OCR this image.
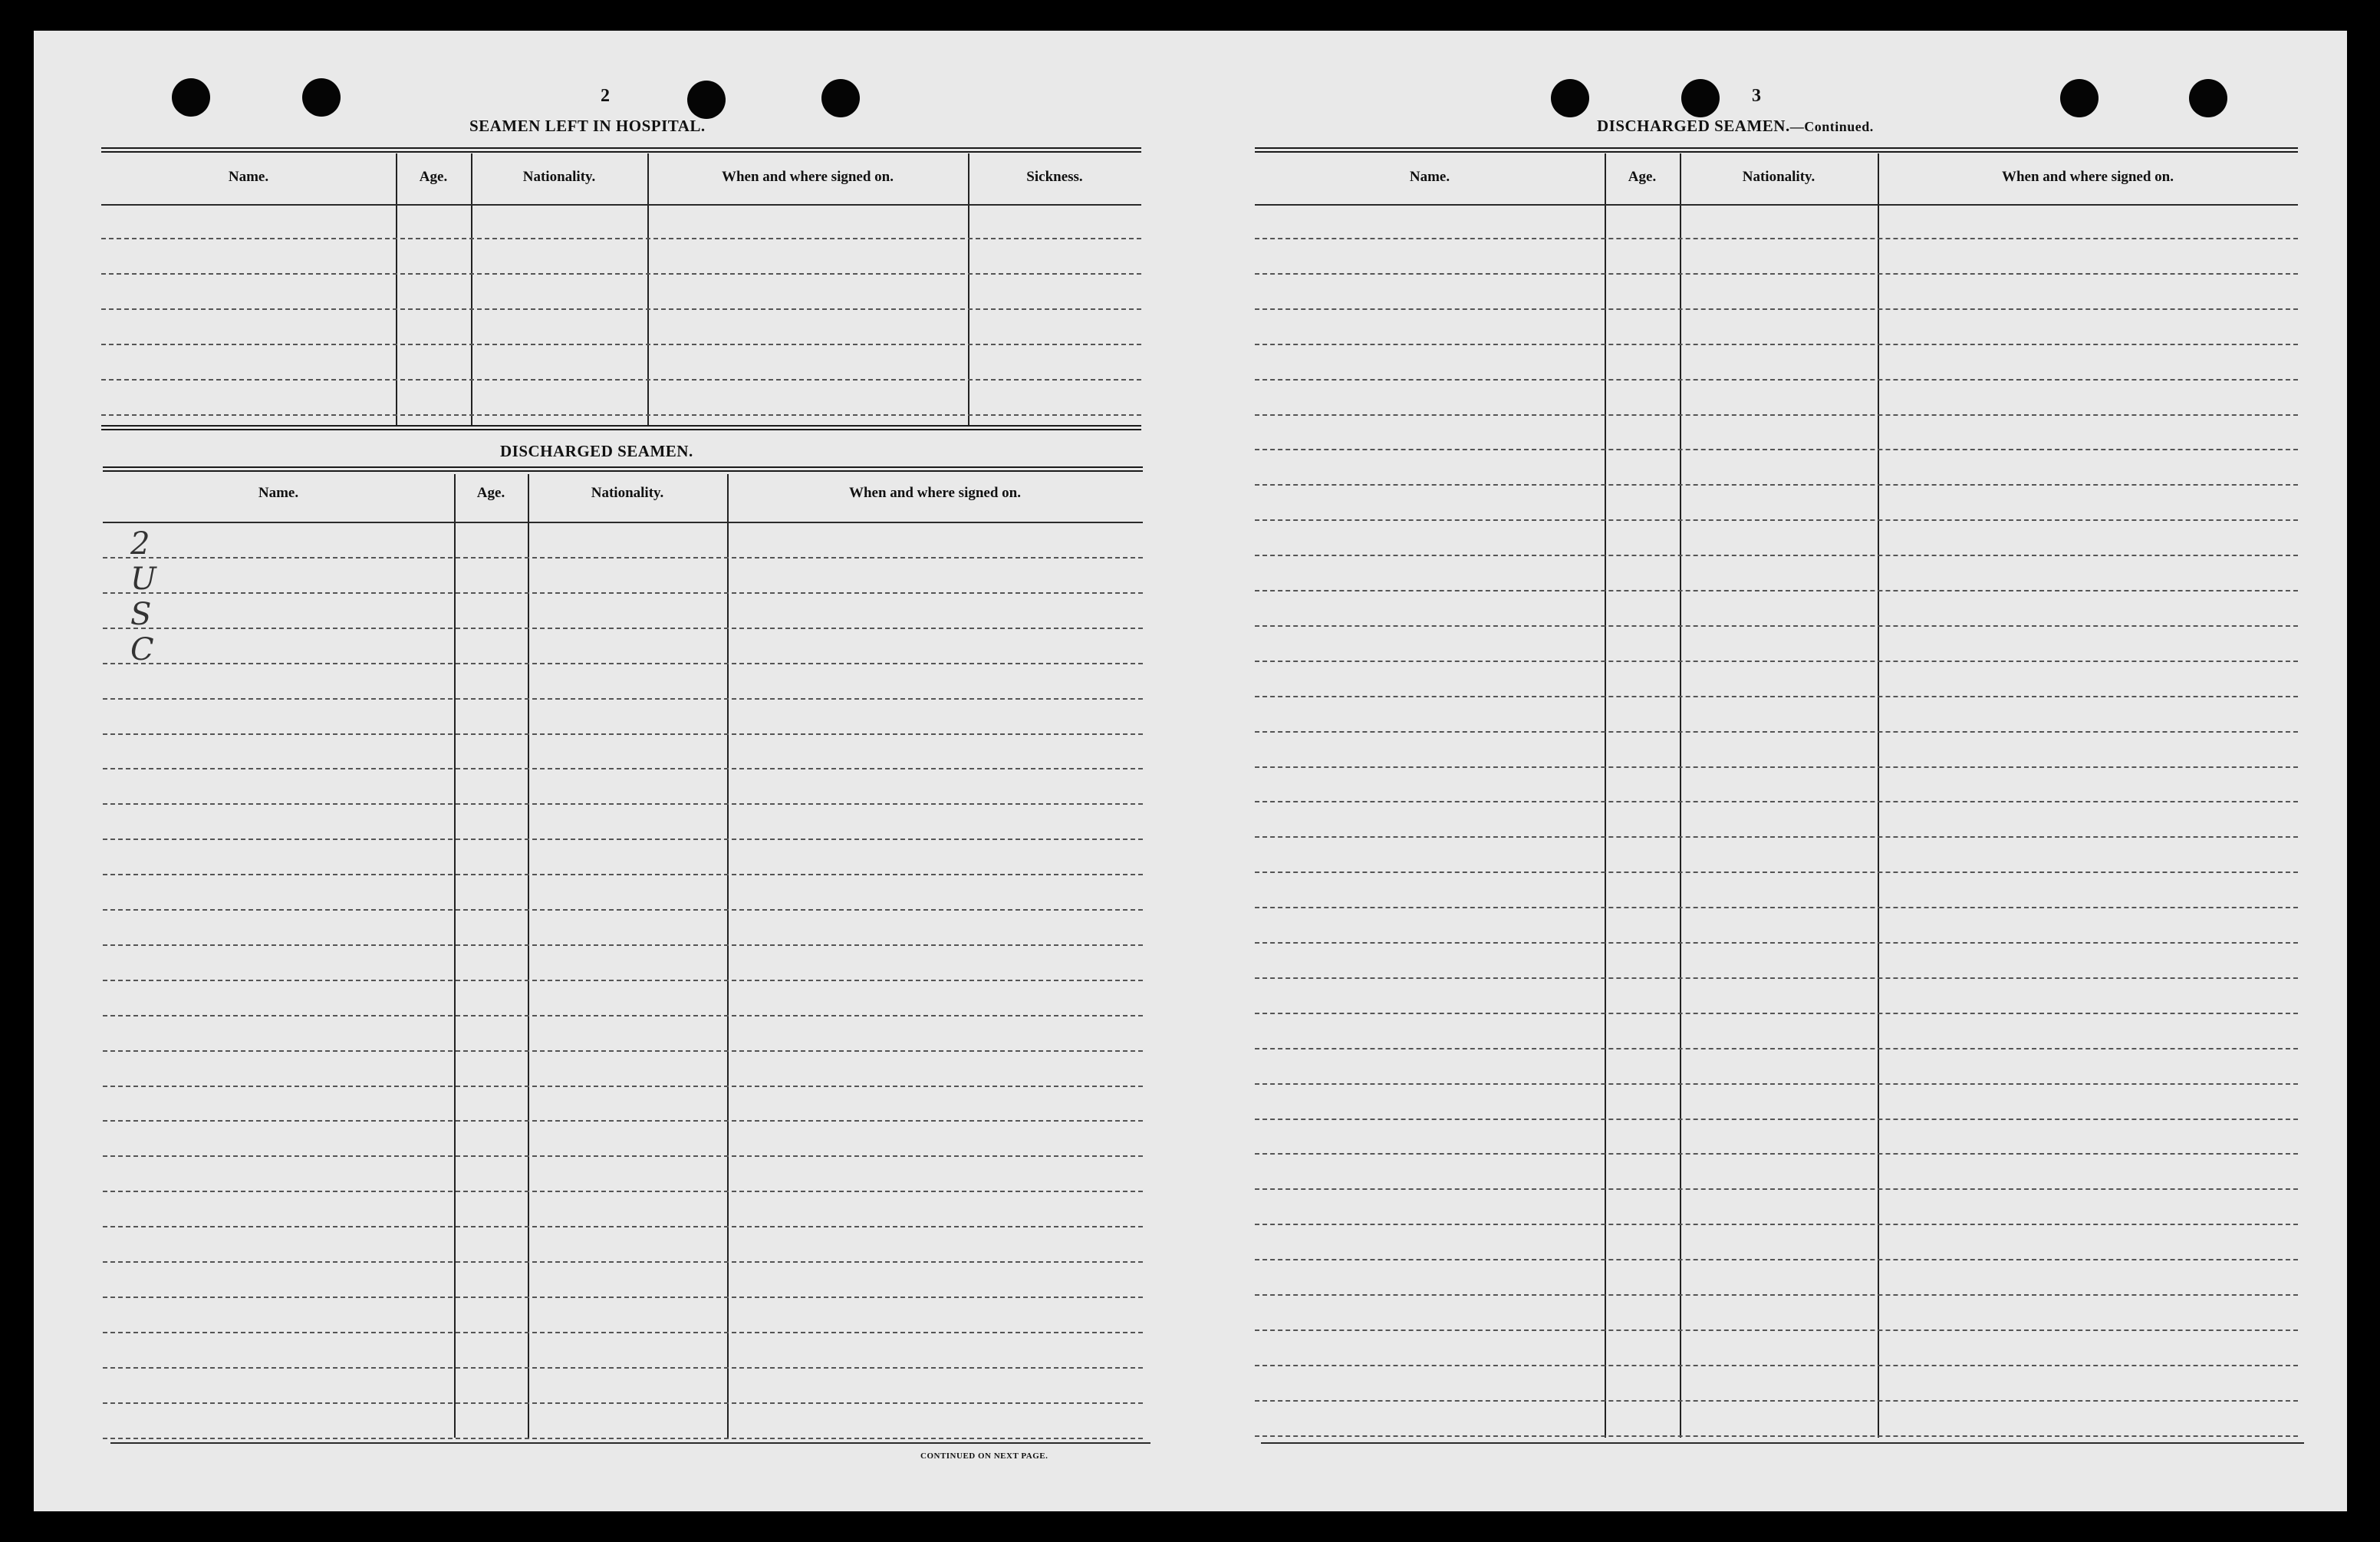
2
SEAMEN LEFT IN HOSPITAL.
Name.	Age.	Nationality.	When and where signed on.	Sickness.
DISCHARGED SEAMEN.
Name.	Age.	Nationality.	When and where signed on.
2 U S C
CONTINUED ON NEXT PAGE.
3
DISCHARGED SEAMEN.—Continued.
Name.	Age.	Nationality.	When and where signed on.
